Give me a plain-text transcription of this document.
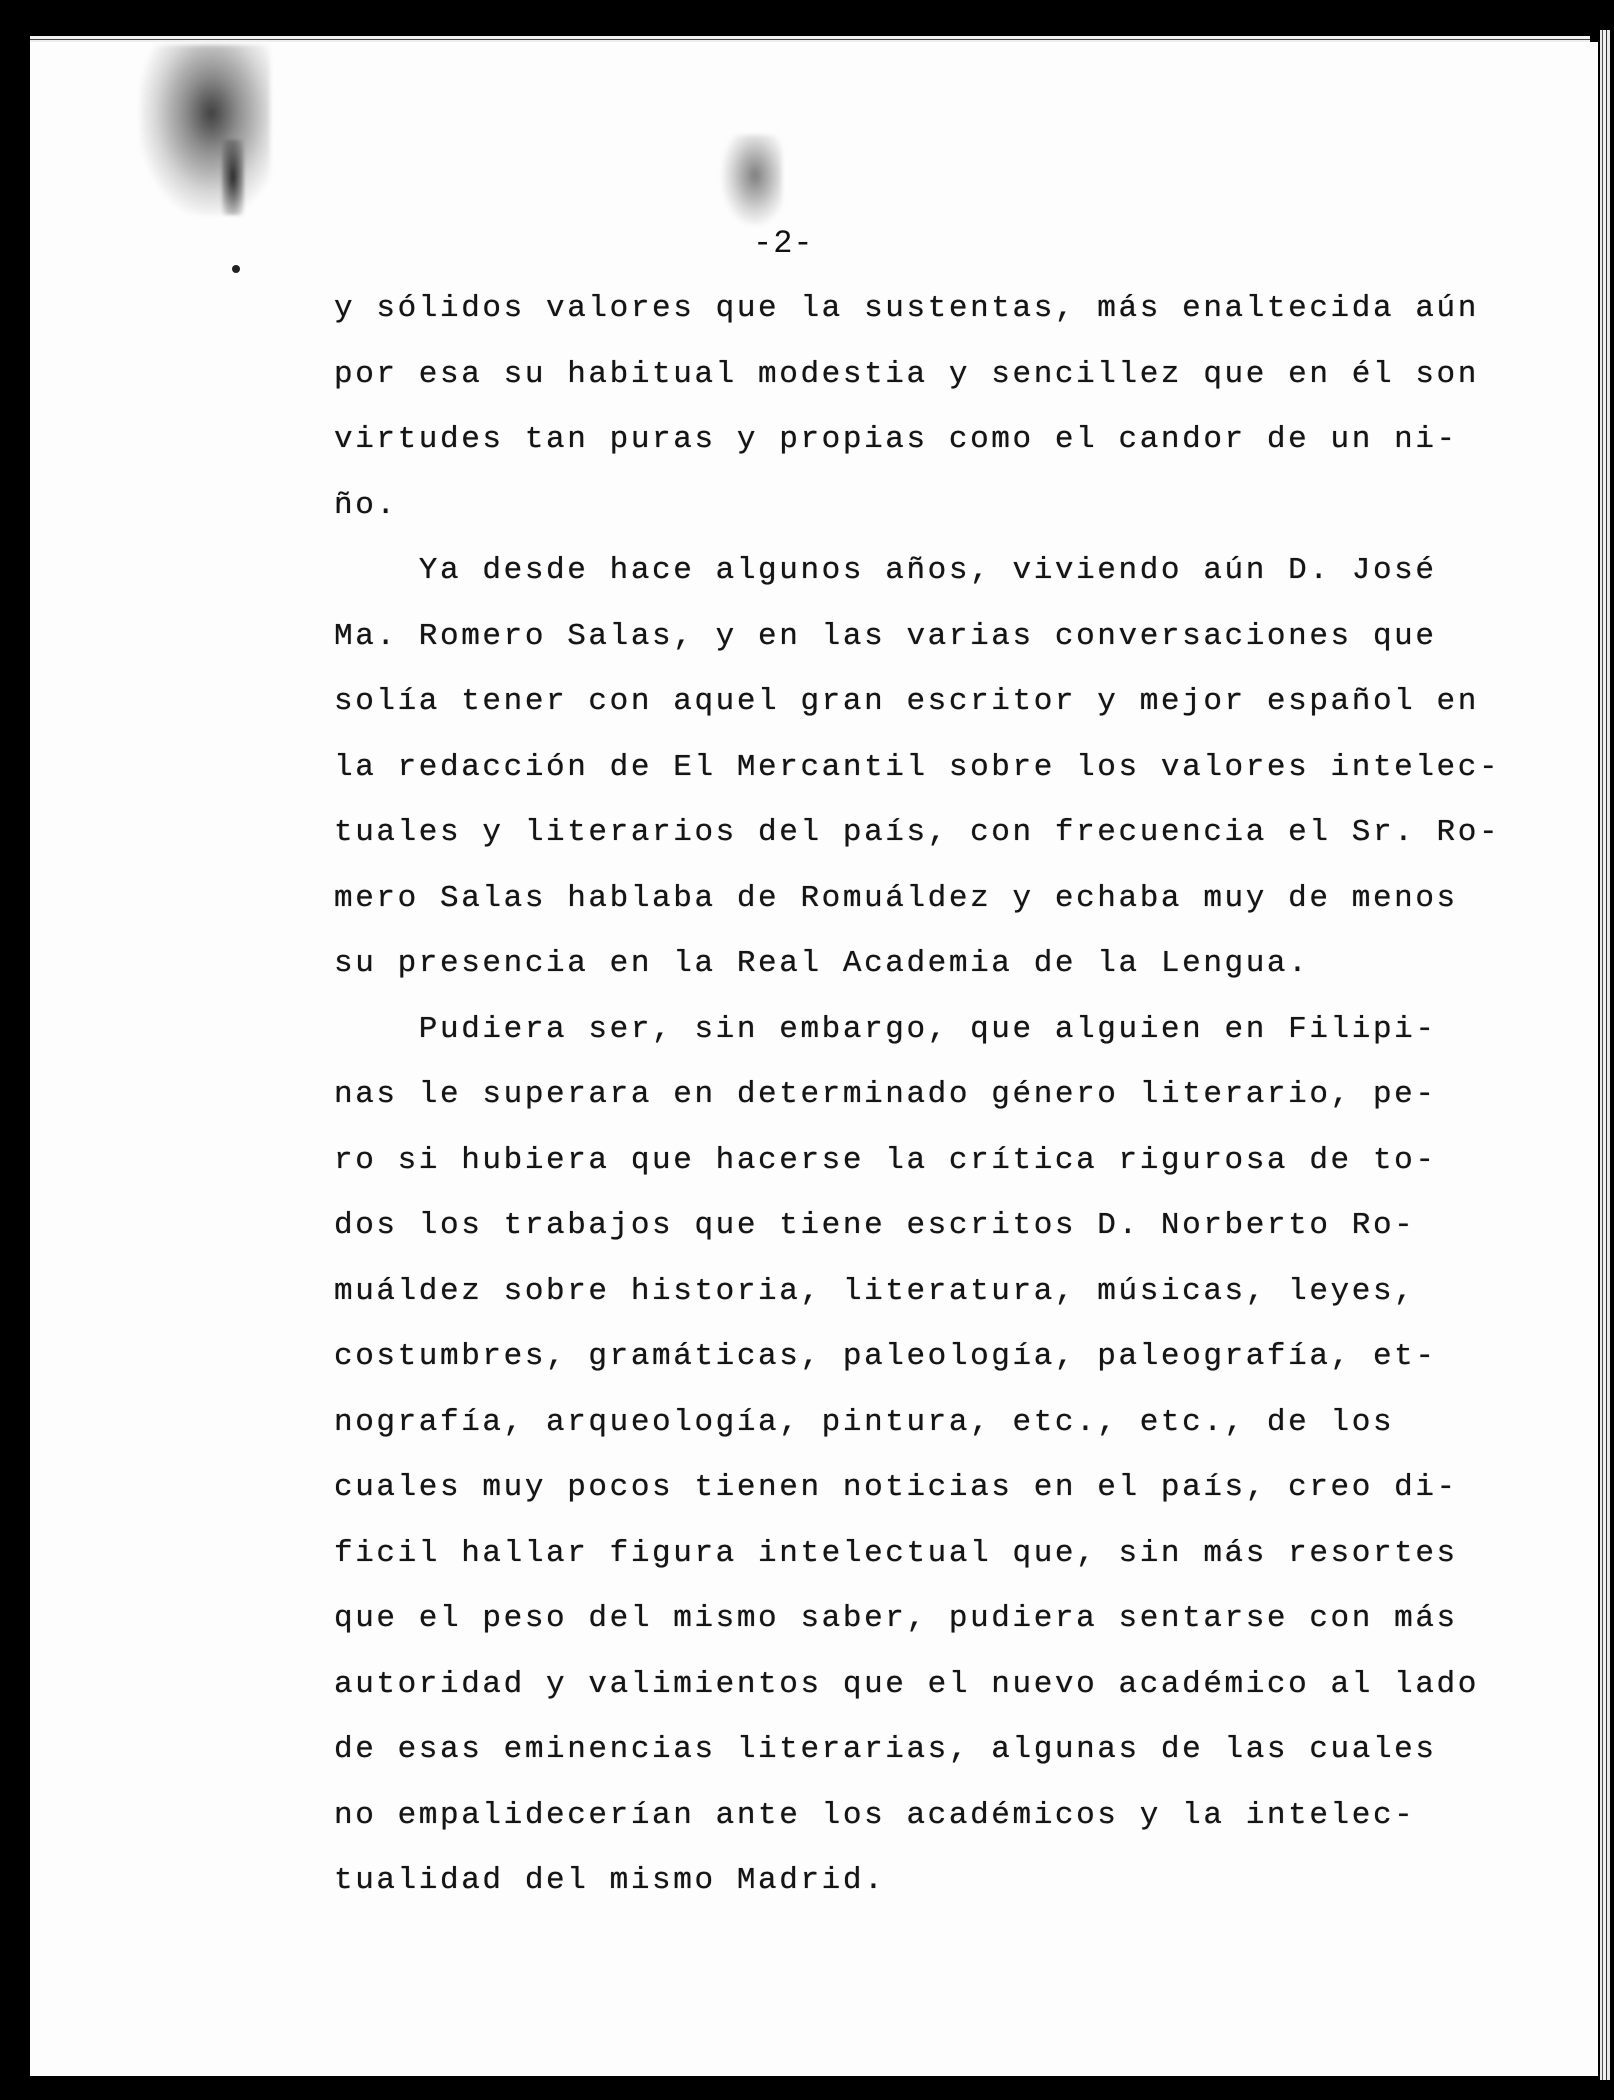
-2-
y sólidos valores que la sustentas, más enaltecida aún
por esa su habitual modestia y sencillez que en él son
virtudes tan puras y propias como el candor de un ni-
ño.
Ya desde hace algunos años, viviendo aún D. José
Ma. Romero Salas, y en las varias conversaciones que
solía tener con aquel gran escritor y mejor español en
la redacción de El Mercantil sobre los valores intelec-
tuales y literarios del país, con frecuencia el Sr. Ro-
mero Salas hablaba de Romuáldez y echaba muy de menos
su presencia en la Real Academia de la Lengua.
Pudiera ser, sin embargo, que alguien en Filipi-
nas le superara en determinado género literario, pe-
ro si hubiera que hacerse la crítica rigurosa de to-
dos los trabajos que tiene escritos D. Norberto Ro-
muáldez sobre historia, literatura, músicas, leyes,
costumbres, gramáticas, paleología, paleografía, et-
nografía, arqueología, pintura, etc., etc., de los
cuales muy pocos tienen noticias en el país, creo di-
ficil hallar figura intelectual que, sin más resortes
que el peso del mismo saber, pudiera sentarse con más
autoridad y valimientos que el nuevo académico al lado
de esas eminencias literarias, algunas de las cuales
no empalidecerían ante los académicos y la intelec-
tualidad del mismo Madrid.
